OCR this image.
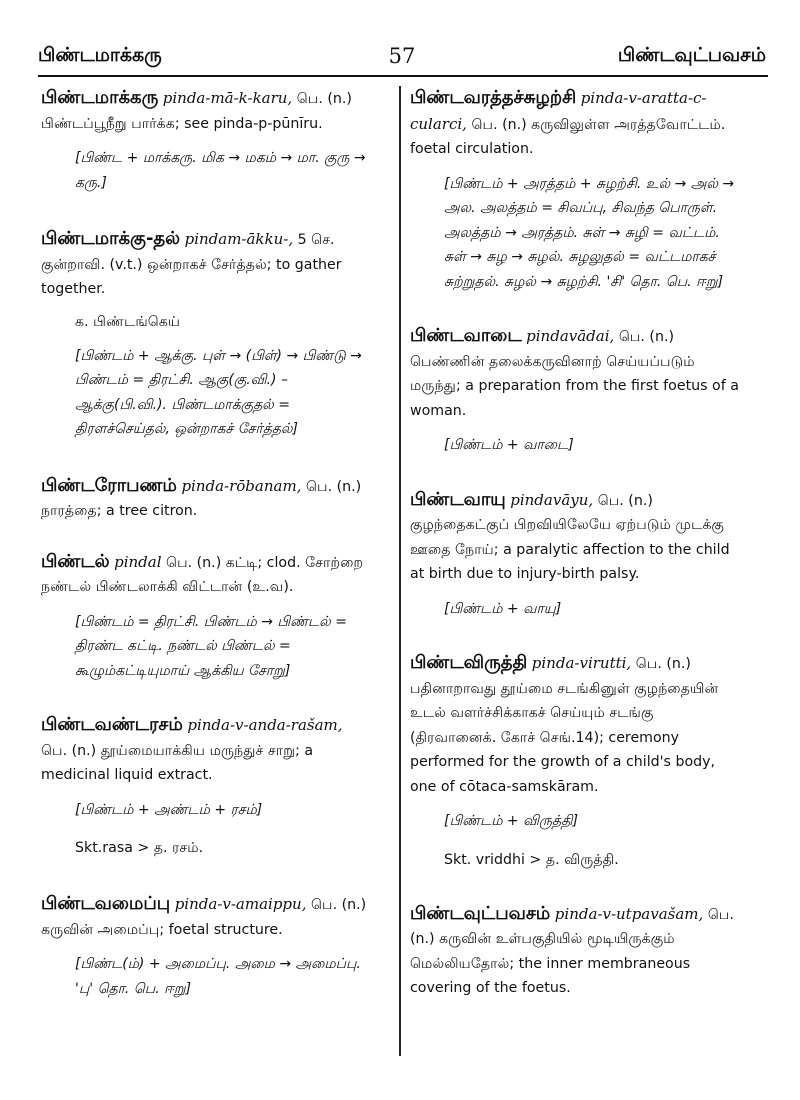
பிண்டமாக்கரு	57	பிண்டவுட்பவசம்
பிண்டமாக்கரு pinda-mā-k-karu, பெ. (n.) பிண்டப்பூநீறு பார்க்க; see pinda-p-pūnīru.
[பிண்ட + மாக்கரு. மிக → மகம் → மா. குரு → கரு.]
பிண்டமாக்கு-தல் pindam-ākku-, 5 செ. குன்றாவி. (v.t.) ஒன்றாகச் சேர்த்தல்; to gather together.
க. பிண்டங்கெய்
[பிண்டம் + ஆக்கு. புள் → (பிள்) → பிண்டு → பிண்டம் = திரட்சி. ஆகு(கு.வி.) – ஆக்கு(பி.வி.). பிண்டமாக்குதல் = திரளச்செய்தல், ஒன்றாகச் சேர்த்தல்]
பிண்டரோபணம் pinda-rōbanam, பெ. (n.) நாரத்தை; a tree citron.
பிண்டல் pindal பெ. (n.) கட்டி; clod. சோற்றை நண்டல் பிண்டலாக்கி விட்டான் (உ.வ).
[பிண்டம் = திரட்சி. பிண்டம் → பிண்டல் = திரண்ட கட்டி. நண்டல் பிண்டல் = கூழும்கட்டியுமாய் ஆக்கிய சோறு]
பிண்டவண்டரசம் pinda-v-anda-rašam, பெ. (n.) தூய்மையாக்கிய மருந்துச் சாறு; a medicinal liquid extract.
[பிண்டம் + அண்டம் + ரசம்]
Skt.rasa > த. ரசம்.
பிண்டவமைப்பு pinda-v-amaippu, பெ. (n.) கருவின் அமைப்பு; foetal structure.
[பிண்ட(ம்) + அமைப்பு. அமை → அமைப்பு. 'பு' தொ. பெ. ஈறு]
பிண்டவரத்தச்சுழற்சி pinda-v-aratta-c-cularci, பெ. (n.) கருவிலுள்ள அரத்தவோட்டம். foetal circulation.
[பிண்டம் + அரத்தம் + சுழற்சி. உல் → அல் → அல. அலத்தம் = சிவப்பு, சிவந்த பொருள். அலத்தம் → அரத்தம். சுள் → சுழி = வட்டம். சுள் → சுழ → சுழல். சுழலுதல் = வட்டமாகச் சுற்றுதல். சுழல் → சுழற்சி. 'சி' தொ. பெ. ஈறு]
பிண்டவாடை pindavādai, பெ. (n.) பெண்ணின் தலைக்கருவினாற் செய்யப்படும் மருந்து; a preparation from the first foetus of a woman.
[பிண்டம் + வாடை]
பிண்டவாயு pindavāyu, பெ. (n.) குழந்தைகட்குப் பிறவியிலேயே ஏற்படும் முடக்கு ஊதை நோய்; a paralytic affection to the child at birth due to injury-birth palsy.
[பிண்டம் + வாயு]
பிண்டவிருத்தி pinda-virutti, பெ. (n.) பதினாறாவது தூய்மை சடங்கினுள் குழந்தையின் உடல் வளர்ச்சிக்காகச் செய்யும் சடங்கு (திரவானைக். கோச் செங்.14); ceremony performed for the growth of a child's body, one of cōtaca-samskāram.
[பிண்டம் + விருத்தி]
Skt. vriddhi > த. விருத்தி.
பிண்டவுட்பவசம் pinda-v-utpavašam, பெ. (n.) கருவின் உள்பகுதியில் மூடியிருக்கும் மெல்லியதோல்; the inner membraneous covering of the foetus.
